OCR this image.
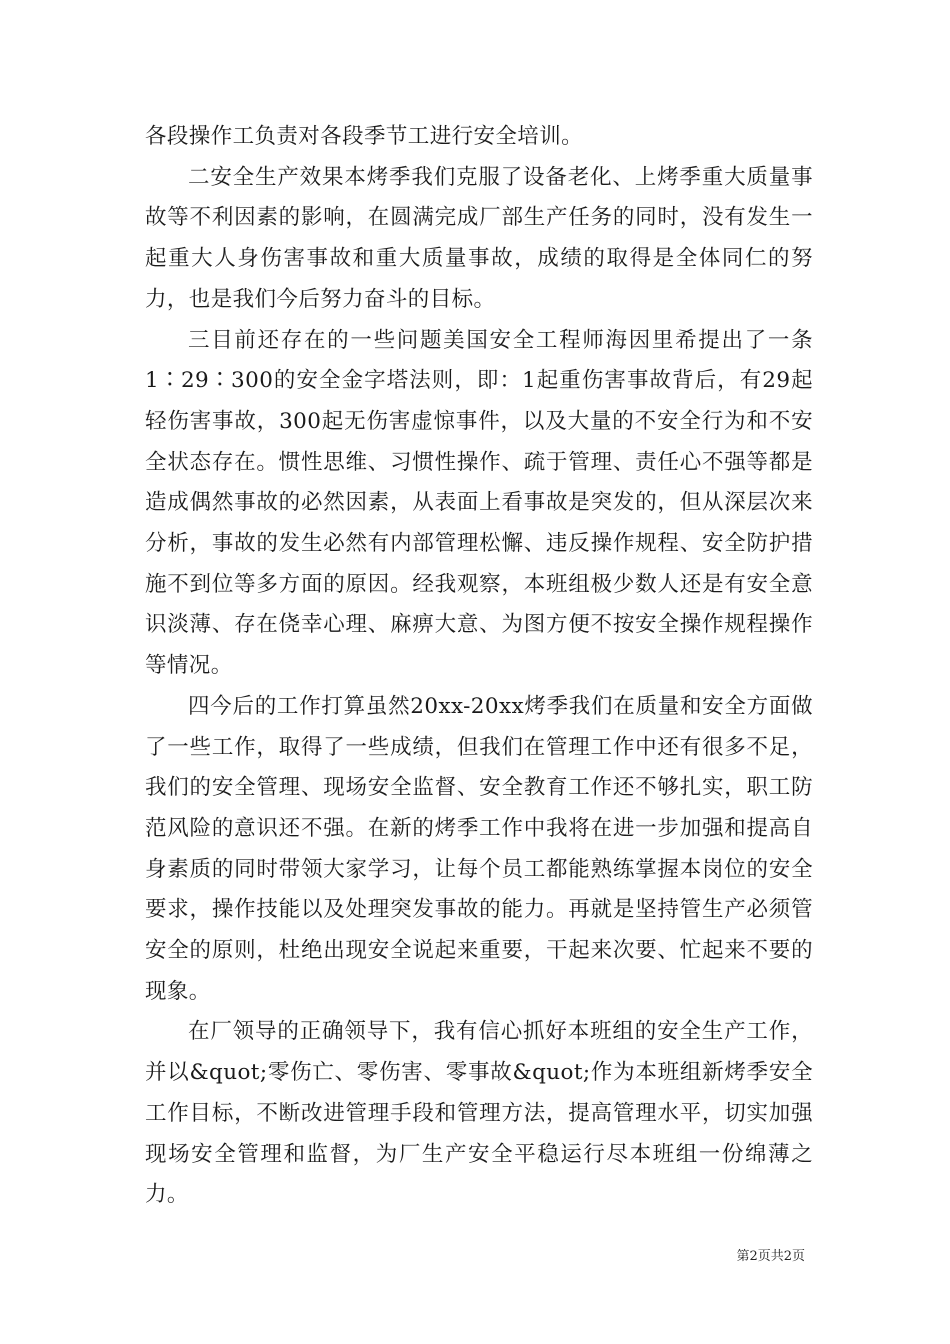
各段操作工负责对各段季节工进行安全培训。

二安全生产效果本烤季我们克服了设备老化、上烤季重大质量事故等不利因素的影响，在圆满完成厂部生产任务的同时，没有发生一起重大人身伤害事故和重大质量事故，成绩的取得是全体同仁的努力，也是我们今后努力奋斗的目标。

三目前还存在的一些问题美国安全工程师海因里希提出了一条1∶29∶300的安全金字塔法则，即：1起重伤害事故背后，有29起轻伤害事故，300起无伤害虚惊事件，以及大量的不安全行为和不安全状态存在。惯性思维、习惯性操作、疏于管理、责任心不强等都是造成偶然事故的必然因素，从表面上看事故是突发的，但从深层次来分析，事故的发生必然有内部管理松懈、违反操作规程、安全防护措施不到位等多方面的原因。经我观察，本班组极少数人还是有安全意识淡薄、存在侥幸心理、麻痹大意、为图方便不按安全操作规程操作等情况。

四今后的工作打算虽然20xx-20xx烤季我们在质量和安全方面做了一些工作，取得了一些成绩，但我们在管理工作中还有很多不足，我们的安全管理、现场安全监督、安全教育工作还不够扎实，职工防范风险的意识还不强。在新的烤季工作中我将在进一步加强和提高自身素质的同时带领大家学习，让每个员工都能熟练掌握本岗位的安全要求，操作技能以及处理突发事故的能力。再就是坚持管生产必须管安全的原则，杜绝出现安全说起来重要，干起来次要、忙起来不要的现象。

在厂领导的正确领导下，我有信心抓好本班组的安全生产工作，并以&quot;零伤亡、零伤害、零事故&quot;作为本班组新烤季安全工作目标，不断改进管理手段和管理方法，提高管理水平，切实加强现场安全管理和监督，为厂生产安全平稳运行尽本班组一份绵薄之力。

第2页共2页
